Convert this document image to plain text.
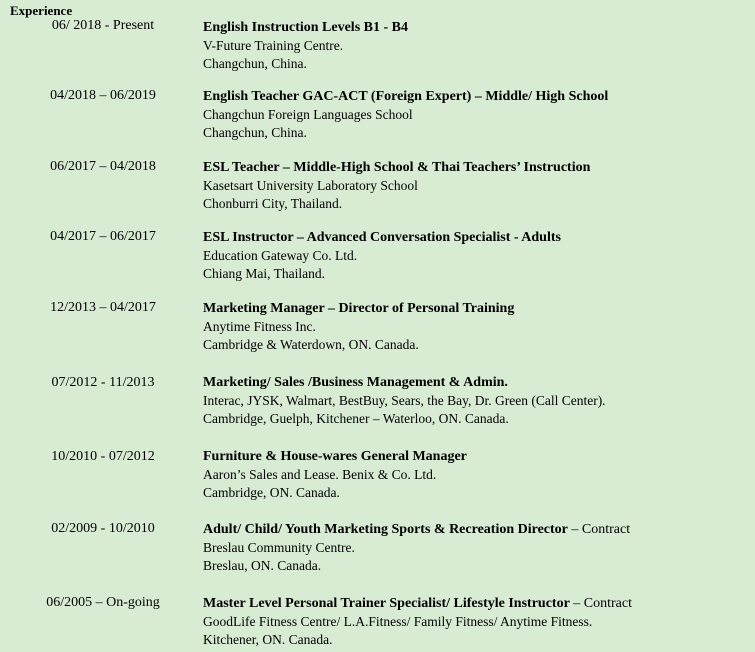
Experience
06/ 2018 - Present	English Instruction Levels B1 - B4
V-Future Training Centre.
Changchun, China.
04/2018 – 06/2019	English Teacher GAC-ACT (Foreign Expert) – Middle/ High School
Changchun Foreign Languages School
Changchun, China.
06/2017 – 04/2018	ESL Teacher – Middle-High School & Thai Teachers’ Instruction
Kasetsart University Laboratory School
Chonburri City, Thailand.
04/2017 – 06/2017	ESL Instructor – Advanced Conversation Specialist - Adults
Education Gateway Co. Ltd.
Chiang Mai, Thailand.
12/2013 – 04/2017	Marketing Manager – Director of Personal Training
Anytime Fitness Inc.
Cambridge & Waterdown, ON. Canada.
07/2012 - 11/2013	Marketing/ Sales /Business Management & Admin.
Interac, JYSK, Walmart, BestBuy, Sears, the Bay, Dr. Green (Call Center).
Cambridge, Guelph, Kitchener – Waterloo, ON. Canada.
10/2010 - 07/2012	Furniture & House-wares General Manager
Aaron’s Sales and Lease. Benix & Co. Ltd.
Cambridge, ON. Canada.
02/2009 - 10/2010	Adult/ Child/ Youth Marketing Sports & Recreation Director – Contract
Breslau Community Centre.
Breslau, ON. Canada.
06/2005 – On-going	Master Level Personal Trainer Specialist/ Lifestyle Instructor – Contract
GoodLife Fitness Centre/ L.A.Fitness/ Family Fitness/ Anytime Fitness.
Kitchener, ON. Canada.
